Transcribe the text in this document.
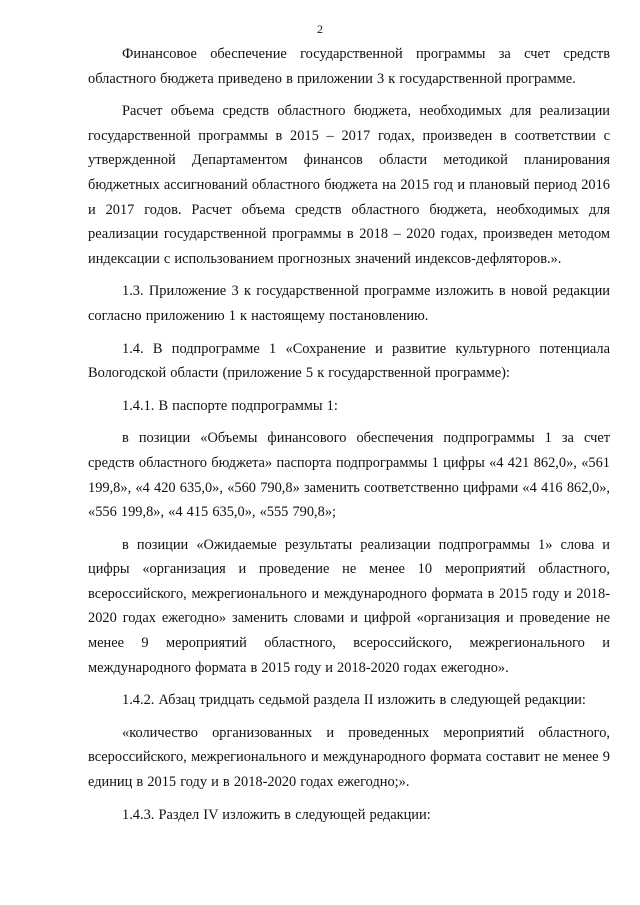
2

Финансовое обеспечение государственной программы за счет средств областного бюджета приведено в приложении 3 к государственной программе.

Расчет объема средств областного бюджета, необходимых для реализации государственной программы в 2015 – 2017 годах, произведен в соответствии с утвержденной Департаментом финансов области методикой планирования бюджетных ассигнований областного бюджета на 2015 год и плановый период 2016 и 2017 годов. Расчет объема средств областного бюджета, необходимых для реализации государственной программы в 2018 – 2020 годах, произведен методом индексации с использованием прогнозных значений индексов-дефляторов.».

1.3. Приложение 3 к государственной программе изложить в новой редакции согласно приложению 1 к настоящему постановлению.

1.4. В подпрограмме 1 «Сохранение и развитие культурного потенциала Вологодской области (приложение 5 к государственной программе):

1.4.1. В паспорте подпрограммы 1:

в позиции «Объемы финансового обеспечения подпрограммы 1 за счет средств областного бюджета» паспорта подпрограммы 1 цифры «4 421 862,0», «561 199,8», «4 420 635,0», «560 790,8» заменить соответственно цифрами «4 416 862,0», «556 199,8», «4 415 635,0», «555 790,8»;

в позиции «Ожидаемые результаты реализации подпрограммы 1» слова и цифры «организация и проведение не менее 10 мероприятий областного, всероссийского, межрегионального и международного формата в 2015 году и 2018-2020 годах ежегодно» заменить словами и цифрой «организация и проведение не менее 9 мероприятий областного, всероссийского, межрегионального и международного формата в 2015 году и 2018-2020 годах ежегодно».

1.4.2. Абзац тридцать седьмой раздела II изложить в следующей редакции:

«количество организованных и проведенных мероприятий областного, всероссийского, межрегионального и международного формата составит не менее 9 единиц в 2015 году и в 2018-2020 годах ежегодно;».

1.4.3. Раздел IV изложить в следующей редакции:
